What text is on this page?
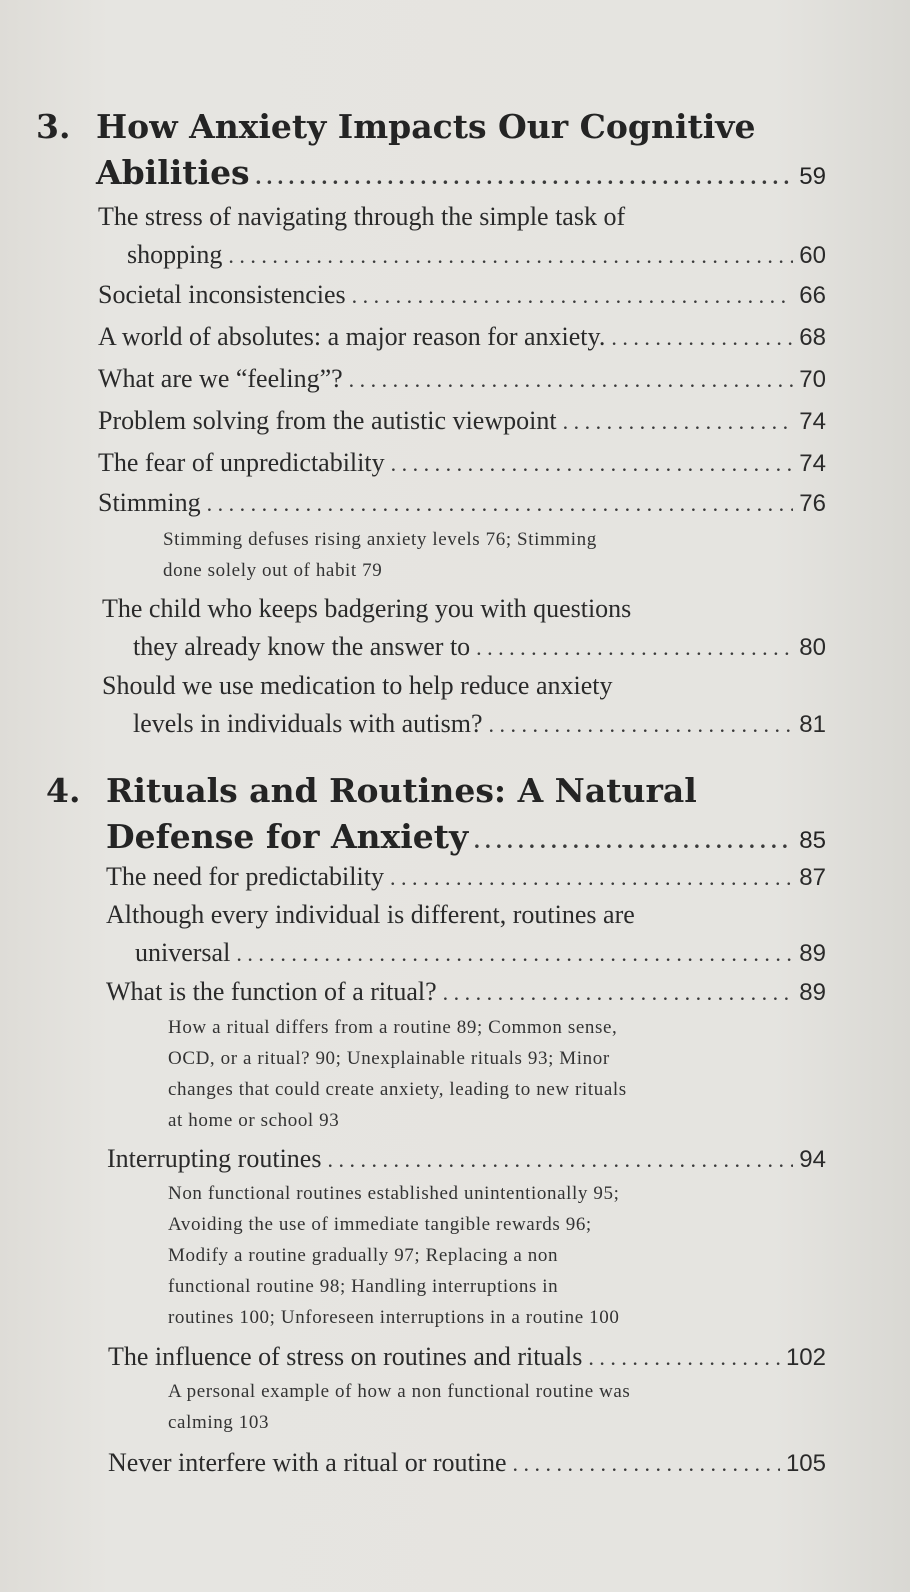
3. How Anxiety Impacts Our Cognitive
Abilities . . .	59
The stress of navigating through the simple task of
shopping . . .	60
Societal inconsistencies . . .	66
A world of absolutes: a major reason for anxiety. . . .	68
What are we “feeling”? . . .	70
Problem solving from the autistic viewpoint . . .	74
The fear of unpredictability . . .	74
Stimming . . .	76
Stimming defuses rising anxiety levels 76; Stimming
done solely out of habit 79
The child who keeps badgering you with questions
they already know the answer to . . .	80
Should we use medication to help reduce anxiety
levels in individuals with autism? . . .	81
4. Rituals and Routines: A Natural
Defense for Anxiety . . .	85
The need for predictability . . .	87
Although every individual is different, routines are
universal . . .	89
What is the function of a ritual? . . .	89
How a ritual differs from a routine 89; Common sense,
OCD, or a ritual? 90; Unexplainable rituals 93; Minor
changes that could create anxiety, leading to new rituals
at home or school 93
Interrupting routines . . .	94
Non functional routines established unintentionally 95;
Avoiding the use of immediate tangible rewards 96;
Modify a routine gradually 97; Replacing a non
functional routine 98; Handling interruptions in
routines 100; Unforeseen interruptions in a routine 100
The influence of stress on routines and rituals . . .	102
A personal example of how a non functional routine was
calming 103
Never interfere with a ritual or routine . . .	105
